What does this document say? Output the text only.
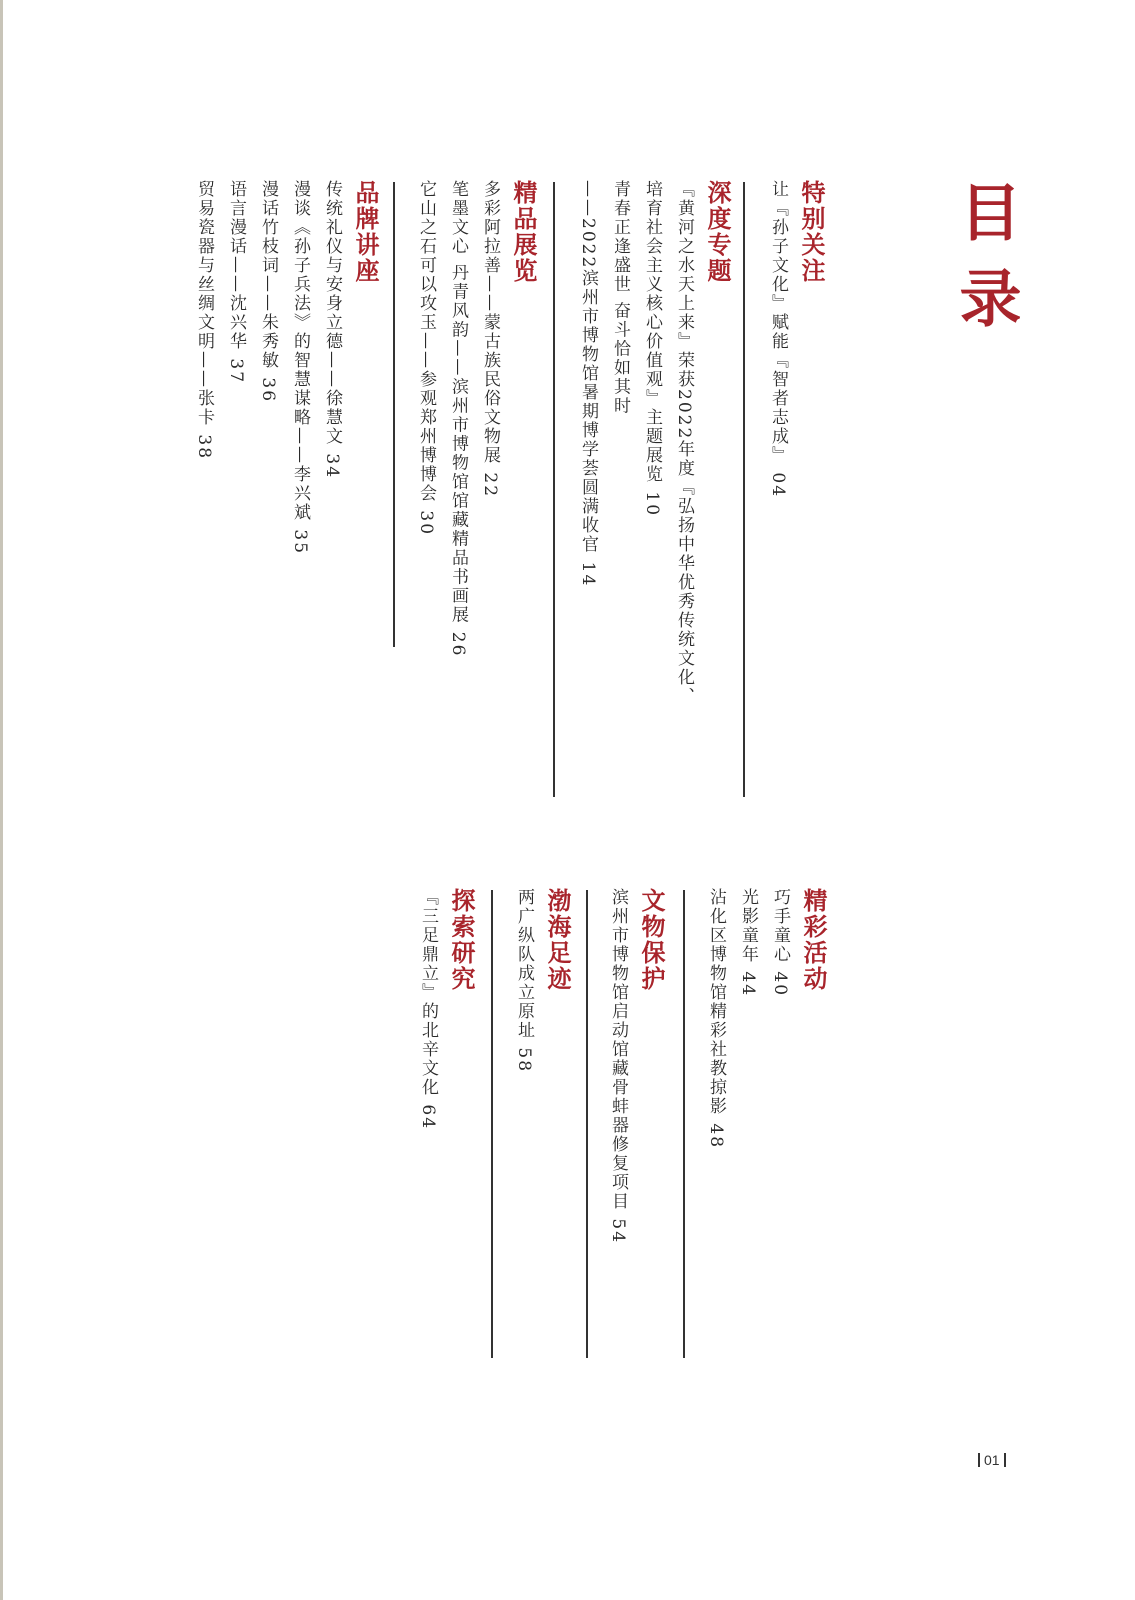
目录
特别关注
让『孙子文化』赋能『智者志成』 04
深度专题
『黄河之水天上来』荣获2022年度『弘扬中华优秀传统文化、
培育社会主义核心价值观』主题展览 10
青春正逢盛世 奋斗恰如其时
——2022滨州市博物馆暑期博学荟圆满收官 14
精品展览
多彩阿拉善——蒙古族民俗文物展 22
笔墨文心 丹青风韵——滨州市博物馆馆藏精品书画展 26
它山之石可以攻玉——参观郑州博博会 30
品牌讲座
传统礼仪与安身立德——徐慧文 34
漫谈《孙子兵法》的智慧谋略——李兴斌 35
漫话竹枝词——朱秀敏 36
语言漫话——沈兴华 37
贸易瓷器与丝绸文明——张卡 38
精彩活动
巧手童心 40
光影童年 44
沾化区博物馆精彩社教掠影 48
文物保护
滨州市博物馆启动馆藏骨蚌器修复项目 54
渤海足迹
两广纵队成立原址 58
探索研究
『三足鼎立』的北辛文化 64
01
